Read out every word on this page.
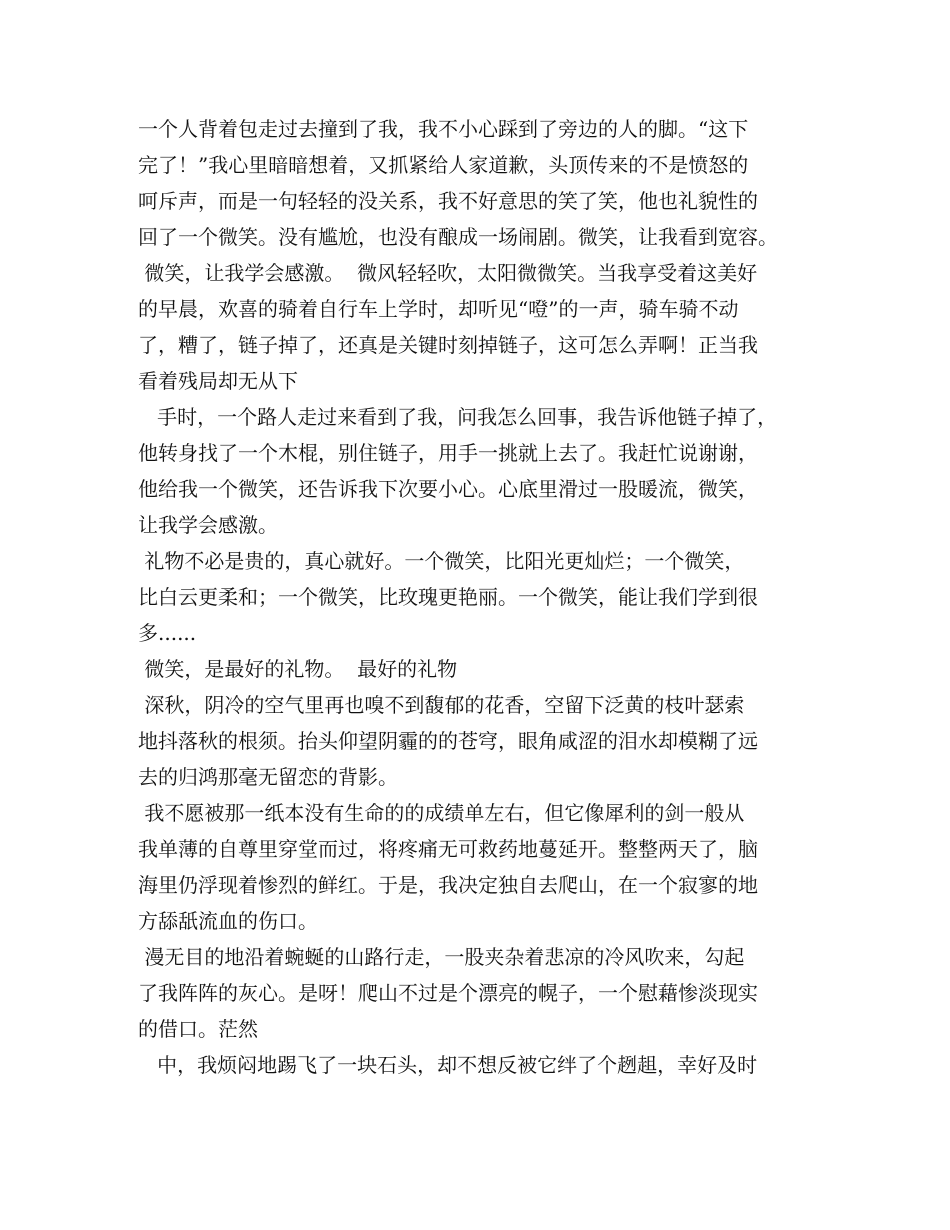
一个人背着包走过去撞到了我，我不小心踩到了旁边的人的脚。“这下
完了！”我心里暗暗想着，又抓紧给人家道歉，头顶传来的不是愤怒的
呵斥声，而是一句轻轻的没关系，我不好意思的笑了笑，他也礼貌性的
回了一个微笑。没有尴尬，也没有酿成一场闹剧。微笑，让我看到宽容。
微笑，让我学会感激。  微风轻轻吹，太阳微微笑。当我享受着这美好
的早晨，欢喜的骑着自行车上学时，却听见“噔”的一声，骑车骑不动
了，糟了，链子掉了，还真是关键时刻掉链子，这可怎么弄啊！正当我
看着残局却无从下
手时，一个路人走过来看到了我，问我怎么回事，我告诉他链子掉了，
他转身找了一个木棍，别住链子，用手一挑就上去了。我赶忙说谢谢，
他给我一个微笑，还告诉我下次要小心。心底里滑过一股暖流，微笑，
让我学会感激。
礼物不必是贵的，真心就好。一个微笑，比阳光更灿烂；一个微笑，
比白云更柔和；一个微笑，比玫瑰更艳丽。一个微笑，能让我们学到很
多......
微笑，是最好的礼物。  最好的礼物
深秋，阴冷的空气里再也嗅不到馥郁的花香，空留下泛黄的枝叶瑟索
地抖落秋的根须。抬头仰望阴霾的的苍穹，眼角咸涩的泪水却模糊了远
去的归鸿那毫无留恋的背影。
我不愿被那一纸本没有生命的的成绩单左右，但它像犀利的剑一般从
我单薄的自尊里穿堂而过，将疼痛无可救药地蔓延开。整整两天了，脑
海里仍浮现着惨烈的鲜红。于是，我决定独自去爬山，在一个寂寥的地
方舔舐流血的伤口。
漫无目的地沿着蜿蜒的山路行走，一股夹杂着悲凉的冷风吹来，勾起
了我阵阵的灰心。是呀！爬山不过是个漂亮的幌子，一个慰藉惨淡现实
的借口。茫然
中，我烦闷地踢飞了一块石头，却不想反被它绊了个趔趄，幸好及时
